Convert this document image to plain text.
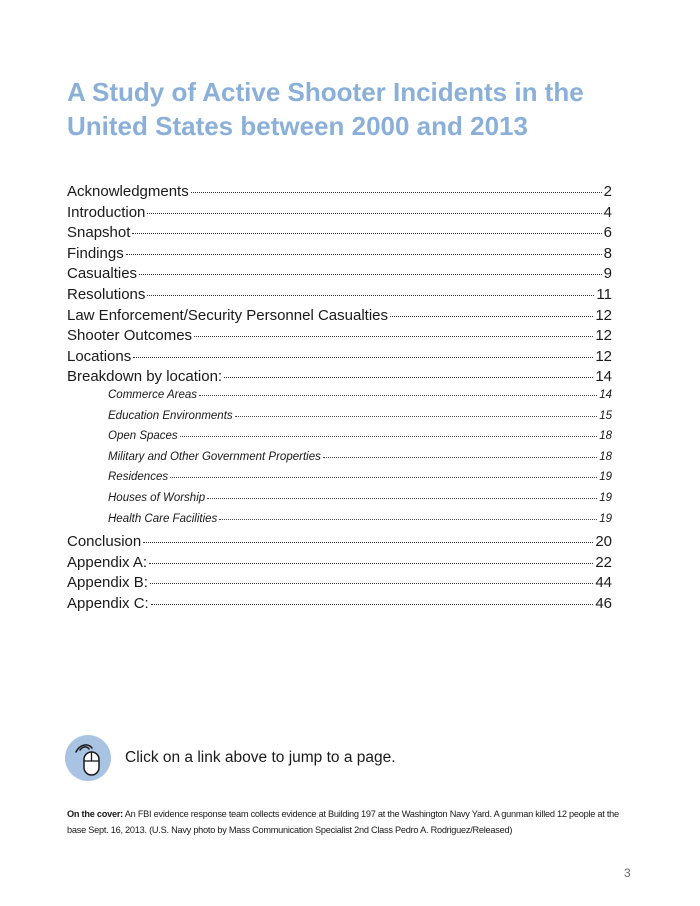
A Study of Active Shooter Incidents in the United States between 2000 and 2013
Acknowledgments	2
Introduction	4
Snapshot	6
Findings	8
Casualties	9
Resolutions	11
Law Enforcement/Security Personnel Casualties	12
Shooter Outcomes	12
Locations	12
Breakdown by location:	14
Commerce Areas	14
Education Environments	15
Open Spaces	18
Military and Other Government Properties	18
Residences	19
Houses of Worship	19
Health Care Facilities	19
Conclusion	20
Appendix A:	22
Appendix B:	44
Appendix C:	46
Click on a link above to jump to a page.
On the cover: An FBI evidence response team collects evidence at Building 197 at the Washington Navy Yard. A gunman killed 12 people at the base Sept. 16, 2013. (U.S. Navy photo by Mass Communication Specialist 2nd Class Pedro A. Rodriguez/Released)
3
